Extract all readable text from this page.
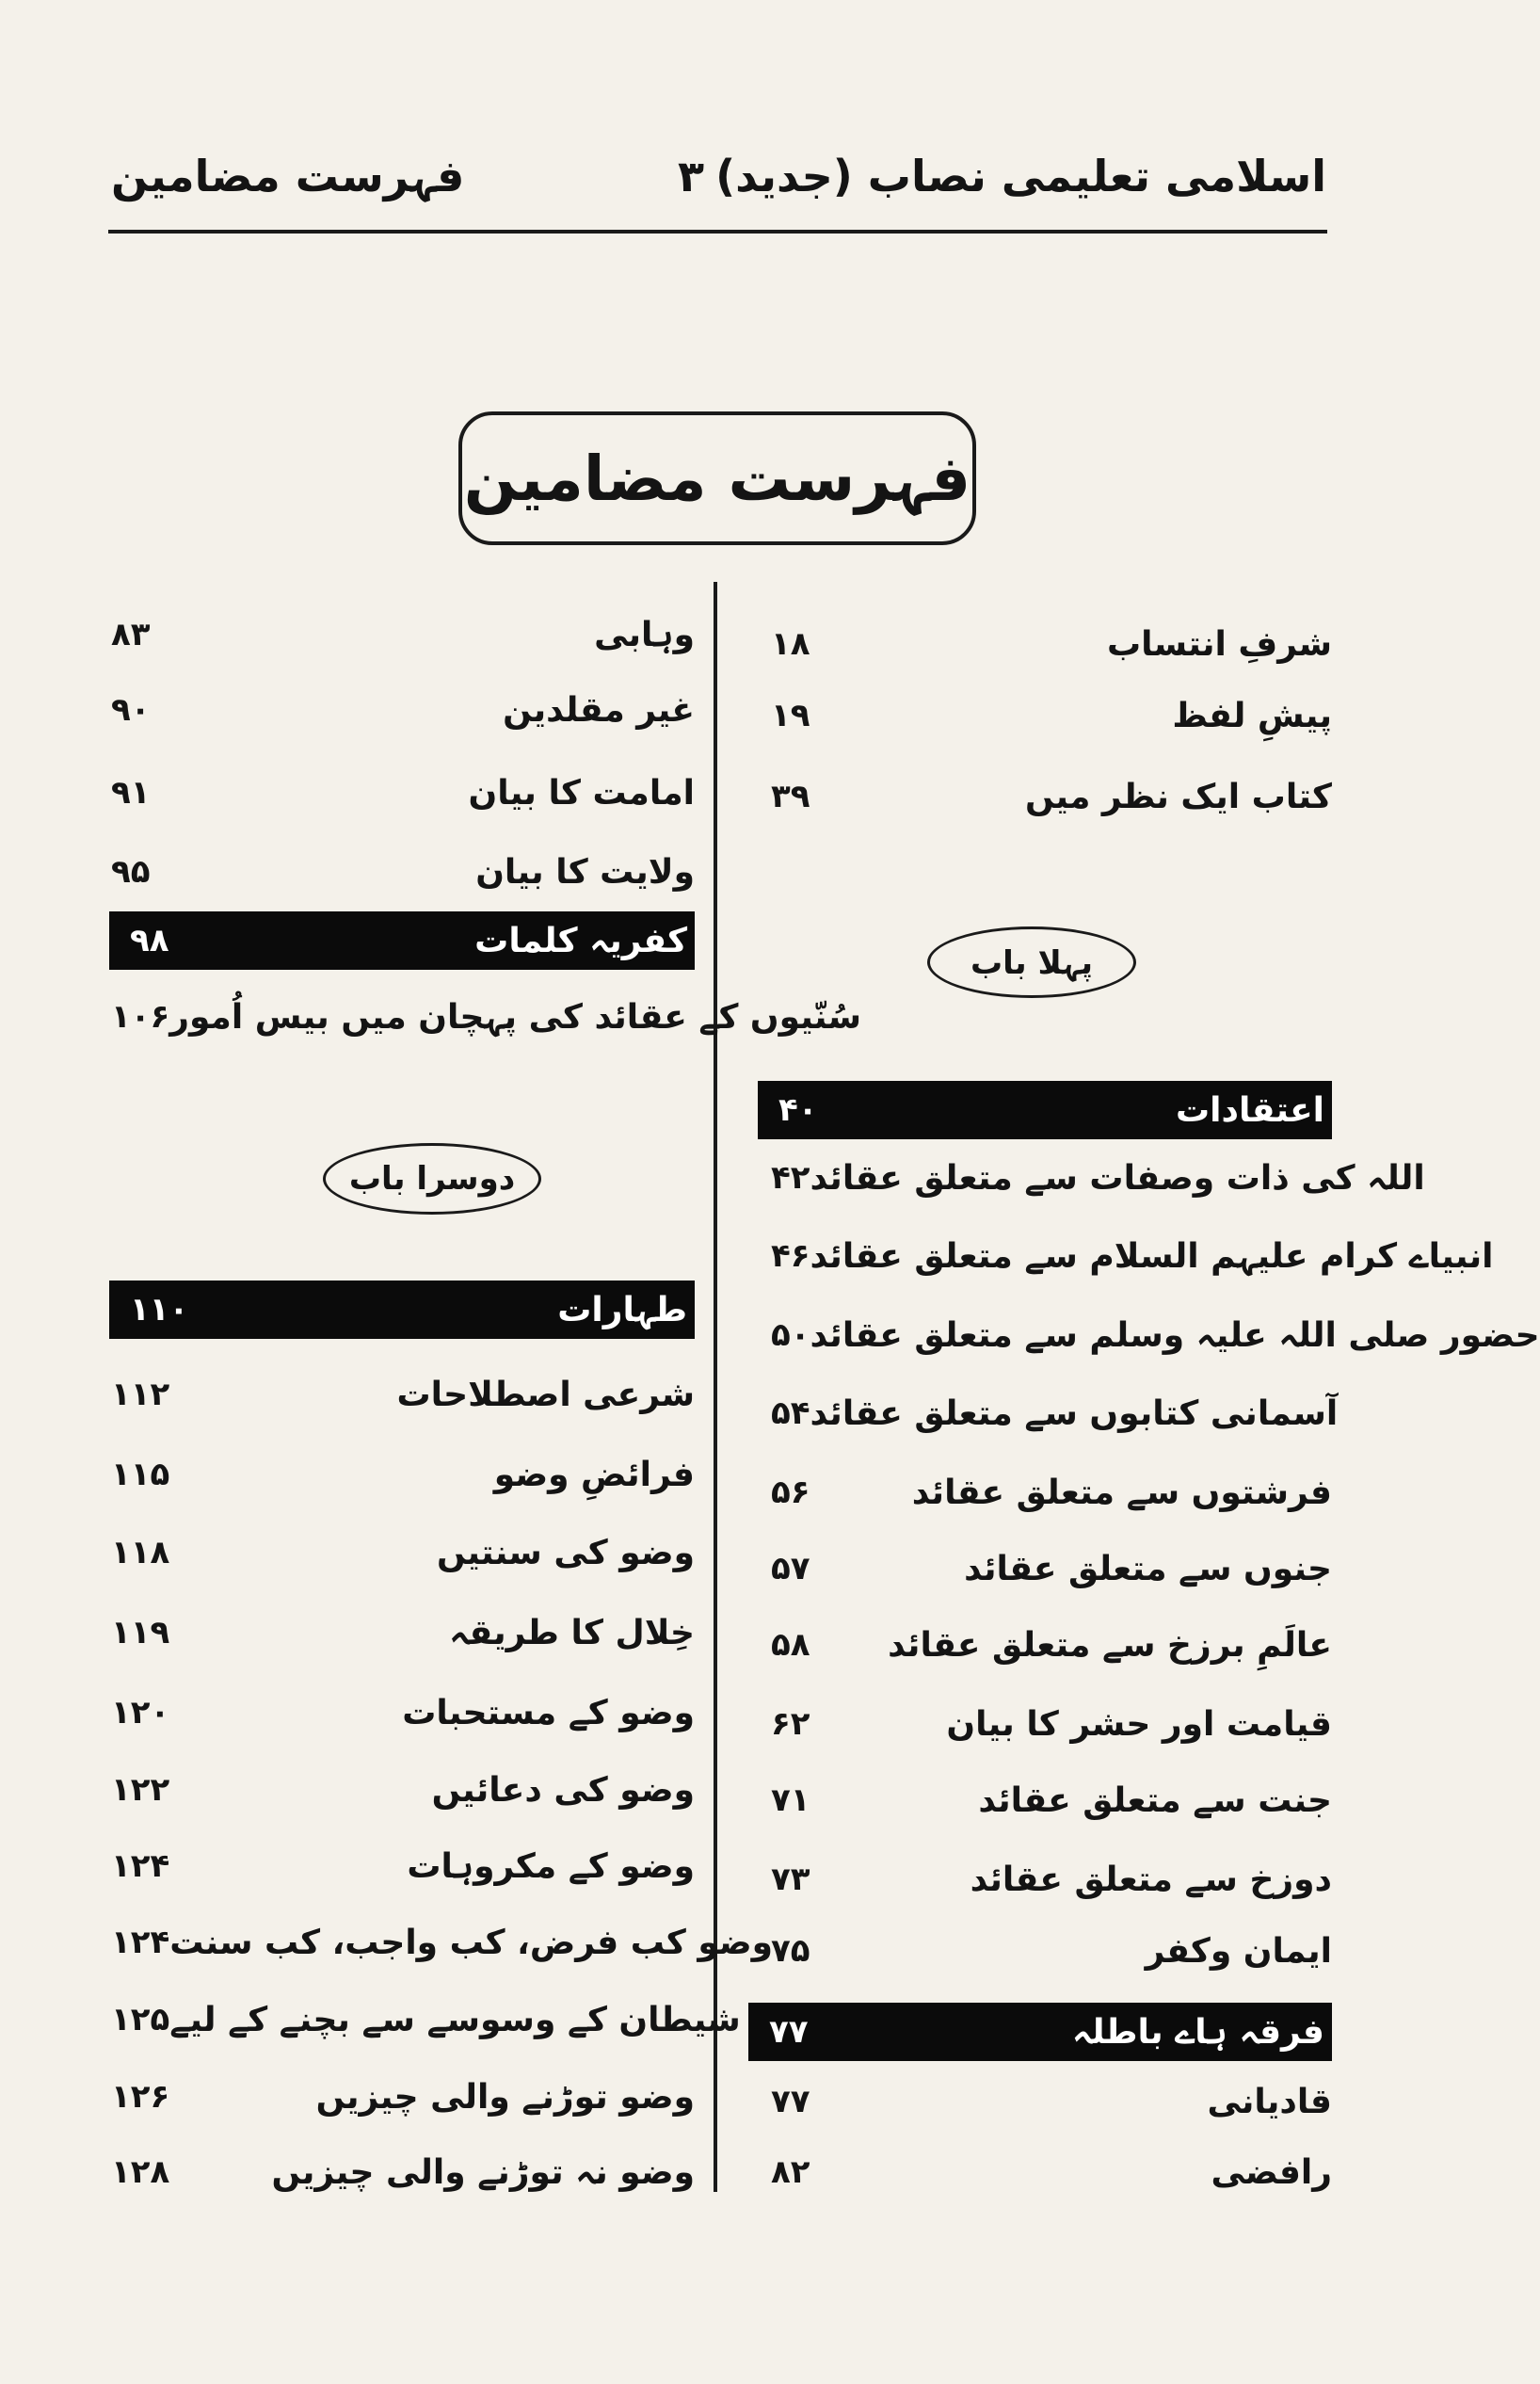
اسلامی تعلیمی نصاب (جدید)
۳
فہرست مضامین
فہرست مضامین
۱۸	شرفِ انتساب
۱۹	پیشِ لفظ
۳۹	کتاب ایک نظر میں
پہلا باب
۴۰	اعتقادات
۴۲ اللہ کی ذات وصفات سے متعلق عقائد
۴۶ انبیاے کرام علیہم السلام سے متعلق عقائد
۵۰ حضور صلی اللہ علیہ وسلم سے متعلق عقائد
۵۴ آسمانی کتابوں سے متعلق عقائد
۵۶	فرشتوں سے متعلق عقائد
۵۷	جنوں سے متعلق عقائد
۵۸ عالَمِ برزخ سے متعلق عقائد
۶۲	قیامت اور حشر کا بیان
۷۱	جنت سے متعلق عقائد
۷۳	دوزخ سے متعلق عقائد
۷۵	ایمان وکفر
۷۷	فرقہ ہاے باطلہ
۷۷	قادیانی
۸۲	رافضی
۸۳	وہابی
۹۰	غیر مقلدین
۹۱	امامت کا بیان
۹۵	ولایت کا بیان
۹۸	کفریہ کلمات
۱۰۶ سُنّیوں کے عقائد کی پہچان میں بیس اُمور
دوسرا باب
۱۱۰	طہارات
۱۱۲	شرعی اصطلاحات
۱۱۵	فرائضِ وضو
۱۱۸	وضو کی سنتیں
۱۱۹	خِلال کا طریقہ
۱۲۰	وضو کے مستحبات
۱۲۲	وضو کی دعائیں
۱۲۴	وضو کے مکروہات
۱۲۴ وضو کب فرض، کب واجب، کب سنت
۱۲۵ شیطان کے وسوسے سے بچنے کے لیے
۱۲۶	وضو توڑنے والی چیزیں
۱۲۸	وضو نہ توڑنے والی چیزیں
